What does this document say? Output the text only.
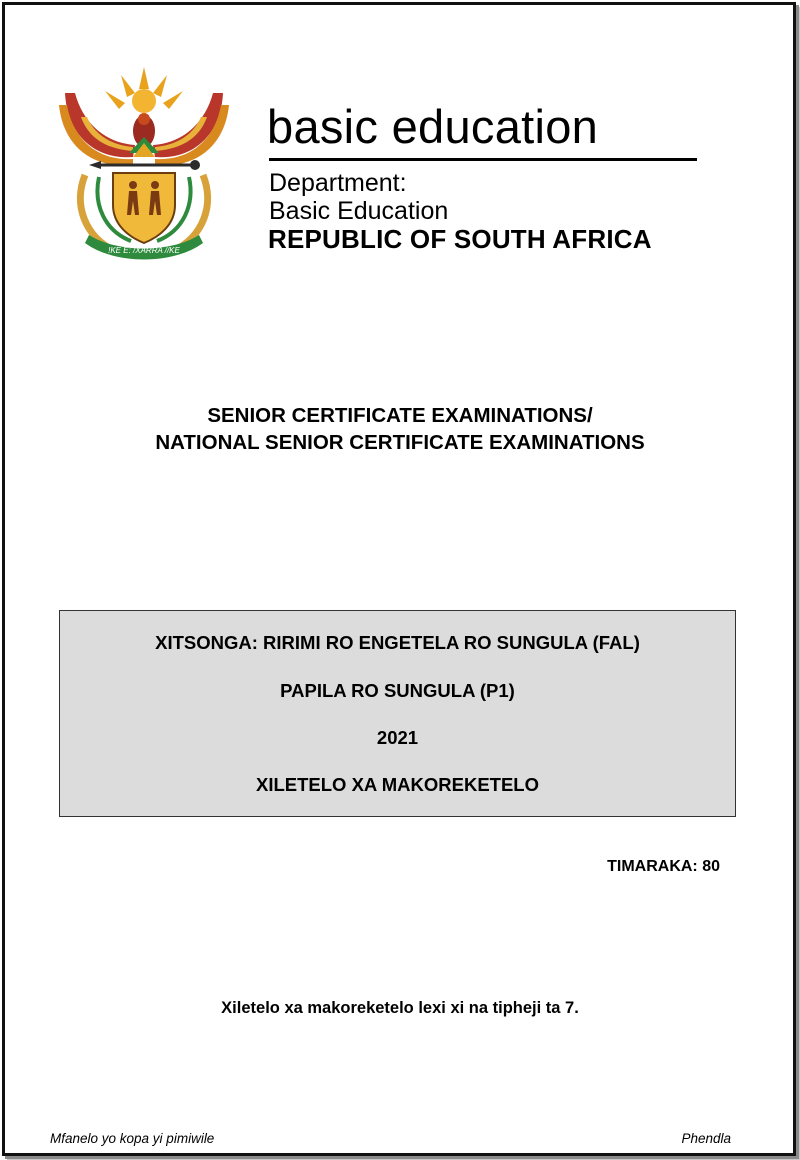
!KE E: /XARRA //KE
basic education
Department:
Basic Education
REPUBLIC OF SOUTH AFRICA
SENIOR CERTIFICATE EXAMINATIONS/
NATIONAL SENIOR CERTIFICATE EXAMINATIONS
XITSONGA: RIRIMI RO ENGETELA RO SUNGULA (FAL)
PAPILA RO SUNGULA (P1)
2021
XILETELO XA MAKOREKETELO
TIMARAKA: 80
Xiletelo xa makoreketelo lexi xi na tipheji ta 7.
Mfanelo yo kopa yi pimiwile	Phendla
